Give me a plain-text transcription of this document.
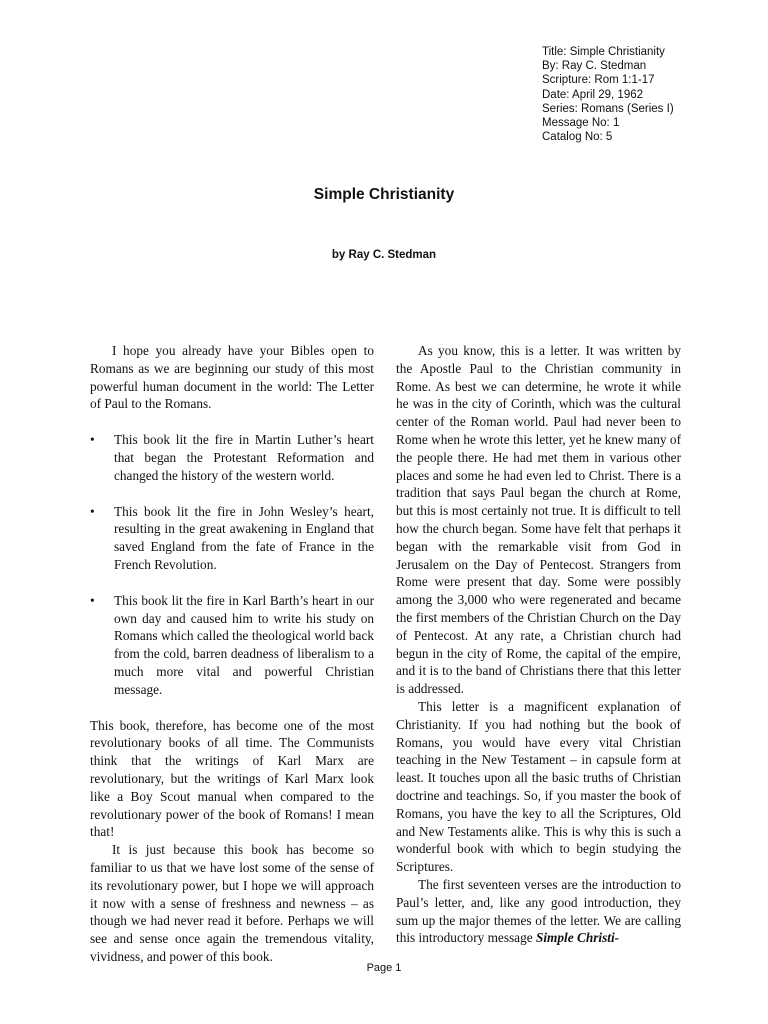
Title: Simple Christianity
By: Ray C. Stedman
Scripture: Rom 1:1-17
Date: April 29, 1962
Series: Romans (Series I)
Message No: 1
Catalog No: 5
Simple Christianity
by Ray C. Stedman

I hope you already have your Bibles open to Romans as we are beginning our study of this most powerful human document in the world: The Letter of Paul to the Romans.

• This book lit the fire in Martin Luther’s heart that began the Protestant Reformation and changed the history of the western world.

• This book lit the fire in John Wesley’s heart, resulting in the great awakening in England that saved England from the fate of France in the French Revolution.

• This book lit the fire in Karl Barth’s heart in our own day and caused him to write his study on Romans which called the theological world back from the cold, barren deadness of liberalism to a much more vital and powerful Christian message.

This book, therefore, has become one of the most revolutionary books of all time. The Communists think that the writings of Karl Marx are revolutionary, but the writings of Karl Marx look like a Boy Scout manual when compared to the revolutionary power of the book of Romans! I mean that!

It is just because this book has become so familiar to us that we have lost some of the sense of its revolutionary power, but I hope we will approach it now with a sense of freshness and newness – as though we had never read it before. Perhaps we will see and sense once again the tremendous vitality, vividness, and power of this book.

As you know, this is a letter. It was written by the Apostle Paul to the Christian community in Rome. As best we can determine, he wrote it while he was in the city of Corinth, which was the cultural center of the Roman world. Paul had never been to Rome when he wrote this letter, yet he knew many of the people there. He had met them in various other places and some he had even led to Christ. There is a tradition that says Paul began the church at Rome, but this is most certainly not true. It is difficult to tell how the church began. Some have felt that perhaps it began with the remarkable visit from God in Jerusalem on the Day of Pentecost. Strangers from Rome were present that day. Some were possibly among the 3,000 who were regenerated and became the first members of the Christian Church on the Day of Pentecost. At any rate, a Christian church had begun in the city of Rome, the capital of the empire, and it is to the band of Christians there that this letter is addressed.

This letter is a magnificent explanation of Christianity. If you had nothing but the book of Romans, you would have every vital Christian teaching in the New Testament – in capsule form at least. It touches upon all the basic truths of Christian doctrine and teachings. So, if you master the book of Romans, you have the key to all the Scriptures, Old and New Testaments alike. This is why this is such a wonderful book with which to begin studying the Scriptures.

The first seventeen verses are the introduction to Paul’s letter, and, like any good introduction, they sum up the major themes of the letter. We are calling this introductory message Simple Christi-

Page 1
